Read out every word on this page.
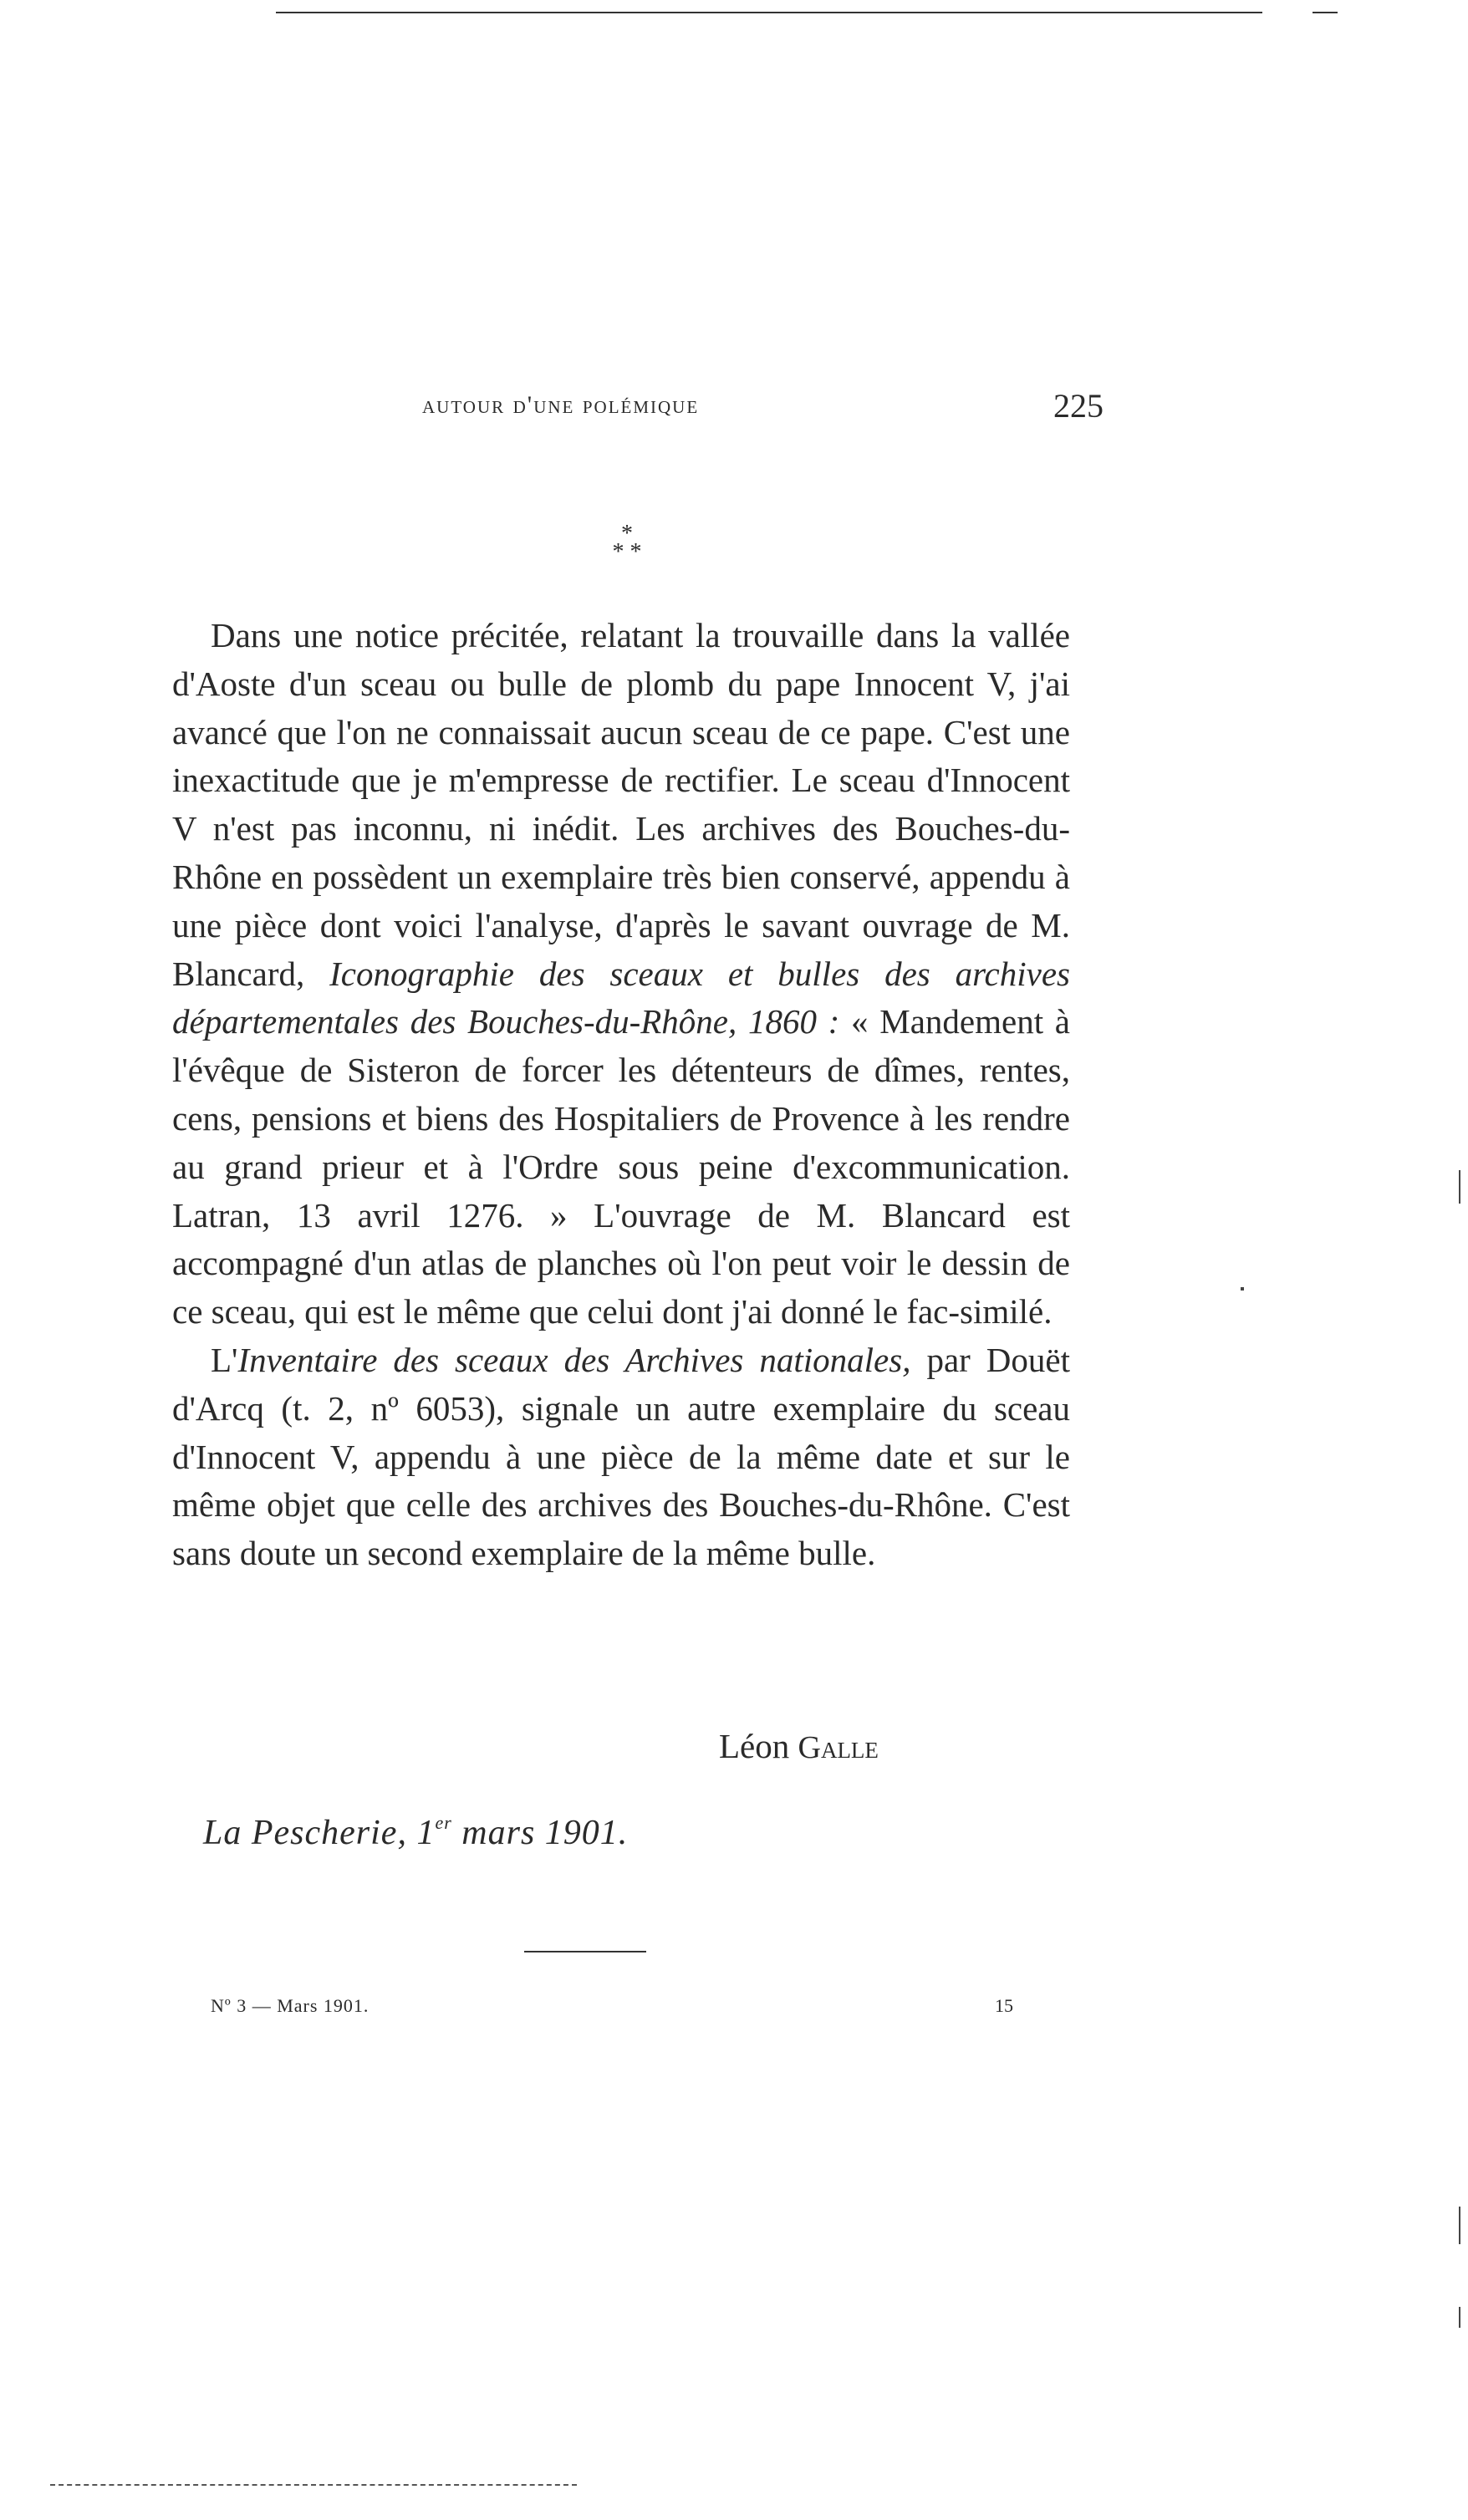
autour d'une polémique	225
*
* *

Dans une notice précitée, relatant la trouvaille dans la vallée d'Aoste d'un sceau ou bulle de plomb du pape Innocent V, j'ai avancé que l'on ne connaissait aucun sceau de ce pape. C'est une inexactitude que je m'empresse de rectifier. Le sceau d'Innocent V n'est pas inconnu, ni inédit. Les archives des Bouches-du-Rhône en possèdent un exemplaire très bien conservé, appendu à une pièce dont voici l'analyse, d'après le savant ouvrage de M. Blancard, Iconographie des sceaux et bulles des archives départementales des Bouches-du-Rhône, 1860 : « Mandement à l'évêque de Sisteron de forcer les détenteurs de dîmes, rentes, cens, pensions et biens des Hospitaliers de Provence à les rendre au grand prieur et à l'Ordre sous peine d'excommunication. Latran, 13 avril 1276. » L'ouvrage de M. Blancard est accompagné d'un atlas de planches où l'on peut voir le dessin de ce sceau, qui est le même que celui dont j'ai donné le fac-similé.

L'Inventaire des sceaux des Archives nationales, par Douët d'Arcq (t. 2, nº 6053), signale un autre exemplaire du sceau d'Innocent V, appendu à une pièce de la même date et sur le même objet que celle des archives des Bouches-du-Rhône. C'est sans doute un second exemplaire de la même bulle.

Léon Galle
La Pescherie, 1er mars 1901.
Nº 3 — Mars 1901.	15
